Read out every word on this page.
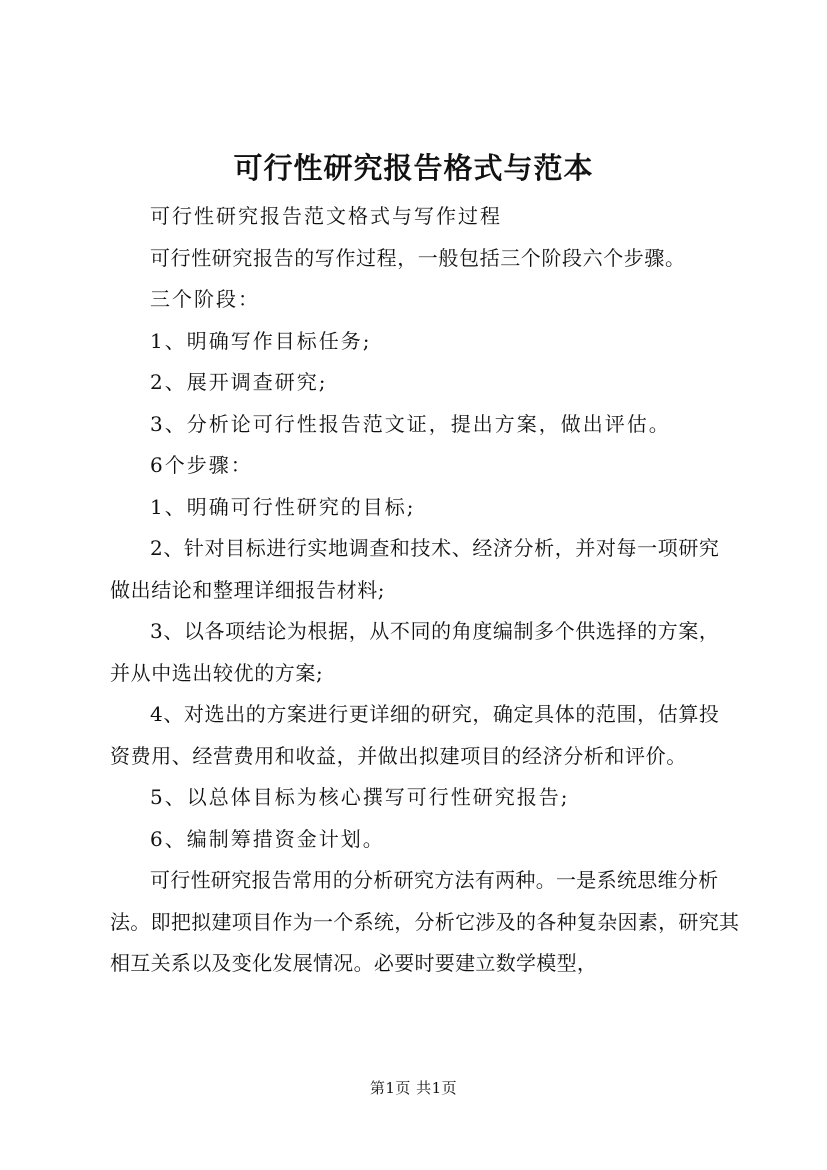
可行性研究报告格式与范本

可行性研究报告范文格式与写作过程

可行性研究报告的写作过程，一般包括三个阶段六个步骤。

三个阶段：

1、明确写作目标任务;

2、展开调查研究;

3、分析论可行性报告范文证，提出方案，做出评估。

6个步骤：

1、明确可行性研究的目标;

2、针对目标进行实地调查和技术、经济分析，并对每一项研究做出结论和整理详细报告材料;

3、以各项结论为根据，从不同的角度编制多个供选择的方案，并从中选出较优的方案;

4、对选出的方案进行更详细的研究，确定具体的范围，估算投资费用、经营费用和收益，并做出拟建项目的经济分析和评价。

5、以总体目标为核心撰写可行性研究报告;

6、编制筹措资金计划。

可行性研究报告常用的分析研究方法有两种。一是系统思维分析法。即把拟建项目作为一个系统，分析它涉及的各种复杂因素，研究其相互关系以及变化发展情况。必要时要建立数学模型，

第1页 共1页
